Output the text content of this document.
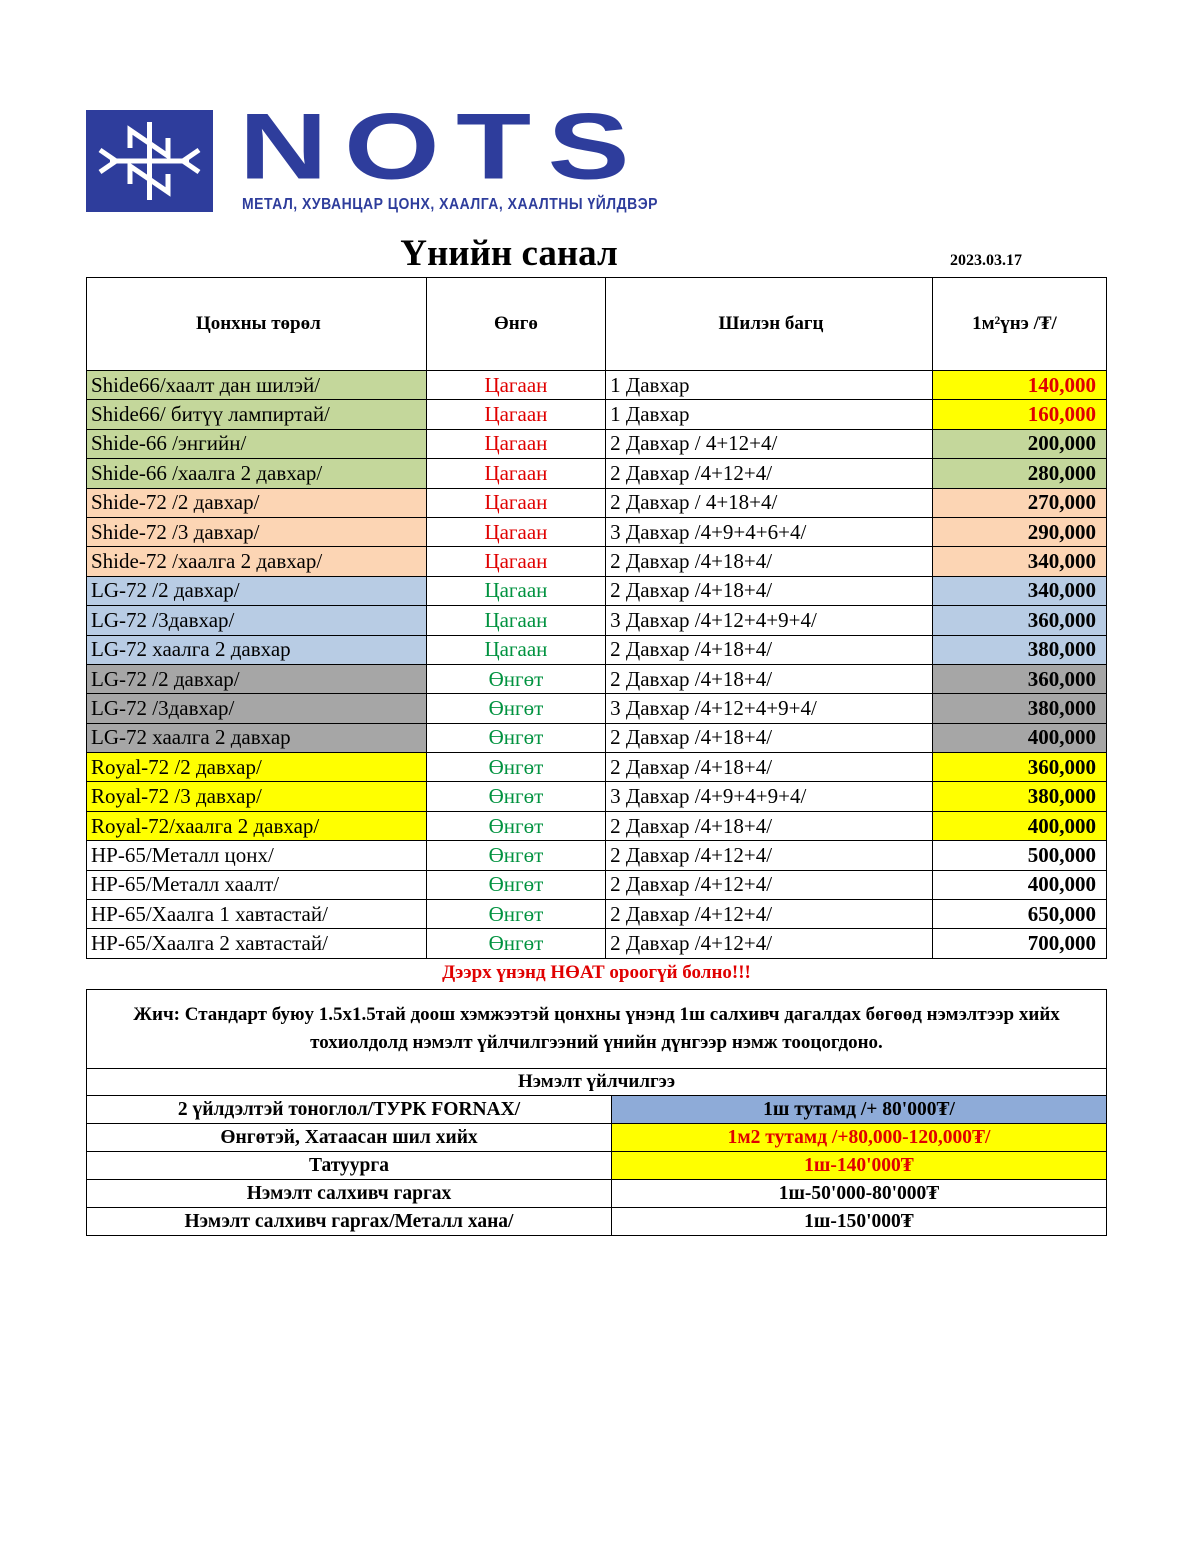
NOTS
МЕТАЛ, ХУВАНЦАР ЦОНХ, ХААЛГА, ХААЛТНЫ ҮЙЛДВЭР
Үнийн санал	2023.03.17
Цонхны төрөл	Өнгө	Шилэн багц	1м²үнэ /₮/
Shide66/хаалт дан шилэй/	Цагаан	1 Давхар	140,000
Shide66/ битүү лампиртай/	Цагаан	1 Давхар	160,000
Shide-66 /энгийн/	Цагаан	2 Давхар / 4+12+4/	200,000
Shide-66 /хаалга 2 давхар/	Цагаан	2 Давхар /4+12+4/	280,000
Shide-72 /2 давхар/	Цагаан	2 Давхар / 4+18+4/	270,000
Shide-72 /3 давхар/	Цагаан	3 Давхар /4+9+4+6+4/	290,000
Shide-72 /хаалга 2 давхар/	Цагаан	2 Давхар /4+18+4/	340,000
LG-72 /2 давхар/	Цагаан	2 Давхар /4+18+4/	340,000
LG-72 /3давхар/	Цагаан	3 Давхар /4+12+4+9+4/	360,000
LG-72 хаалга 2 давхар	Цагаан	2 Давхар /4+18+4/	380,000
LG-72 /2 давхар/	Өнгөт	2 Давхар /4+18+4/	360,000
LG-72 /3давхар/	Өнгөт	3 Давхар /4+12+4+9+4/	380,000
LG-72 хаалга 2 давхар	Өнгөт	2 Давхар /4+18+4/	400,000
Royal-72 /2 давхар/	Өнгөт	2 Давхар /4+18+4/	360,000
Royal-72 /3 давхар/	Өнгөт	3 Давхар /4+9+4+9+4/	380,000
Royal-72/хаалга 2 давхар/	Өнгөт	2 Давхар /4+18+4/	400,000
HP-65/Металл цонх/	Өнгөт	2 Давхар /4+12+4/	500,000
HP-65/Металл хаалт/	Өнгөт	2 Давхар /4+12+4/	400,000
HP-65/Хаалга 1 хавтастай/	Өнгөт	2 Давхар /4+12+4/	650,000
HP-65/Хаалга 2 хавтастай/	Өнгөт	2 Давхар /4+12+4/	700,000
Дээрх үнэнд НӨАТ ороогүй болно!!!
Жич: Стандарт буюу 1.5х1.5тай доош хэмжээтэй цонхны үнэнд 1ш салхивч дагалдах бөгөөд нэмэлтээр хийх тохиолдолд нэмэлт үйлчилгээний үнийн дүнгээр нэмж тооцогдоно.	
Нэмэлт үйлчилгээ	
2 үйлдэлтэй тоноглол/ТУРК FORNAX/	1ш тутамд /+ 80'000₮/
Өнгөтэй, Хатаасан шил хийх	1м2 тутамд /+80,000-120,000₮/
Татуурга	1ш-140'000₮
Нэмэлт салхивч гаргах	1ш-50'000-80'000₮
Нэмэлт салхивч гаргах/Металл хана/	1ш-150'000₮
